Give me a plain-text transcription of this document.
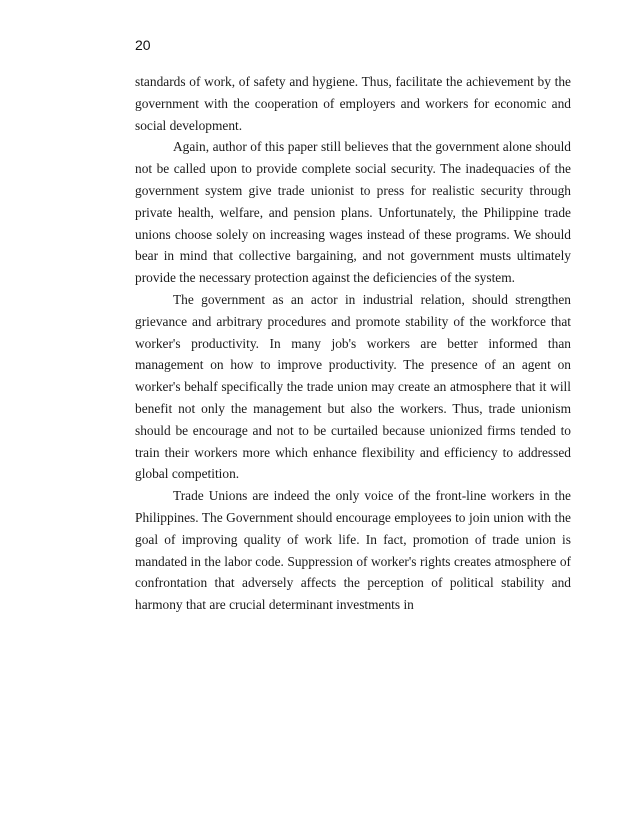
20

standards of work, of safety and hygiene. Thus, facilitate the achievement by the government with the cooperation of employers and workers for economic and social development.

Again, author of this paper still believes that the government alone should not be called upon to provide complete social security. The inadequacies of the government system give trade unionist to press for realistic security through private health, welfare, and pension plans. Unfortunately, the Philippine trade unions choose solely on increasing wages instead of these programs. We should bear in mind that collective bargaining, and not government musts ultimately provide the necessary protection against the deficiencies of the system.

The government as an actor in industrial relation, should strengthen grievance and arbitrary procedures and promote stability of the workforce that worker's productivity. In many job's workers are better informed than management on how to improve productivity. The presence of an agent on worker's behalf specifically the trade union may create an atmosphere that it will benefit not only the management but also the workers. Thus, trade unionism should be encourage and not to be curtailed because unionized firms tended to train their workers more which enhance flexibility and efficiency to addressed global competition.

Trade Unions are indeed the only voice of the front-line workers in the Philippines. The Government should encourage employees to join union with the goal of improving quality of work life. In fact, promotion of trade union is mandated in the labor code. Suppression of worker's rights creates atmosphere of confrontation that adversely affects the perception of political stability and harmony that are crucial determinant investments in
